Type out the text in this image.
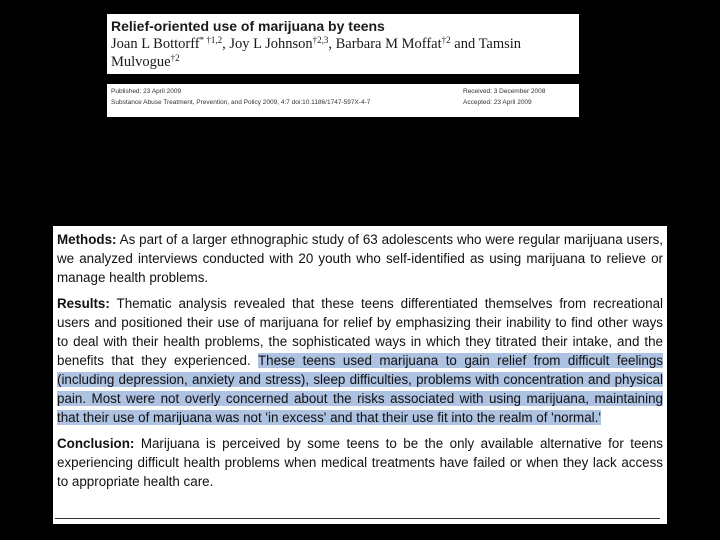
Relief-oriented use of marijuana by teens
Joan L Bottorff$^{* \dagger 1,2}$, Joy L Johnson$^{\dagger 2,3}$, Barbara M Moffat$^{\dagger 2}$ and Tamsin Mulvogue$^{\dagger 2}$
Published: 23 April 2009	Received: 3 December 2008
Substance Abuse Treatment, Prevention, and Policy 2009, 4:7 doi:10.1186/1747-597X-4-7	Accepted: 23 April 2009

Methods: As part of a larger ethnographic study of 63 adolescents who were regular marijuana users, we analyzed interviews conducted with 20 youth who self-identified as using marijuana to relieve or manage health problems.

Results: Thematic analysis revealed that these teens differentiated themselves from recreational users and positioned their use of marijuana for relief by emphasizing their inability to find other ways to deal with their health problems, the sophisticated ways in which they titrated their intake, and the benefits that they experienced. These teens used marijuana to gain relief from difficult feelings (including depression, anxiety and stress), sleep difficulties, problems with concentration and physical pain. Most were not overly concerned about the risks associated with using marijuana, maintaining that their use of marijuana was not 'in excess' and that their use fit into the realm of 'normal.'

Conclusion: Marijuana is perceived by some teens to be the only available alternative for teens experiencing difficult health problems when medical treatments have failed or when they lack access to appropriate health care.
